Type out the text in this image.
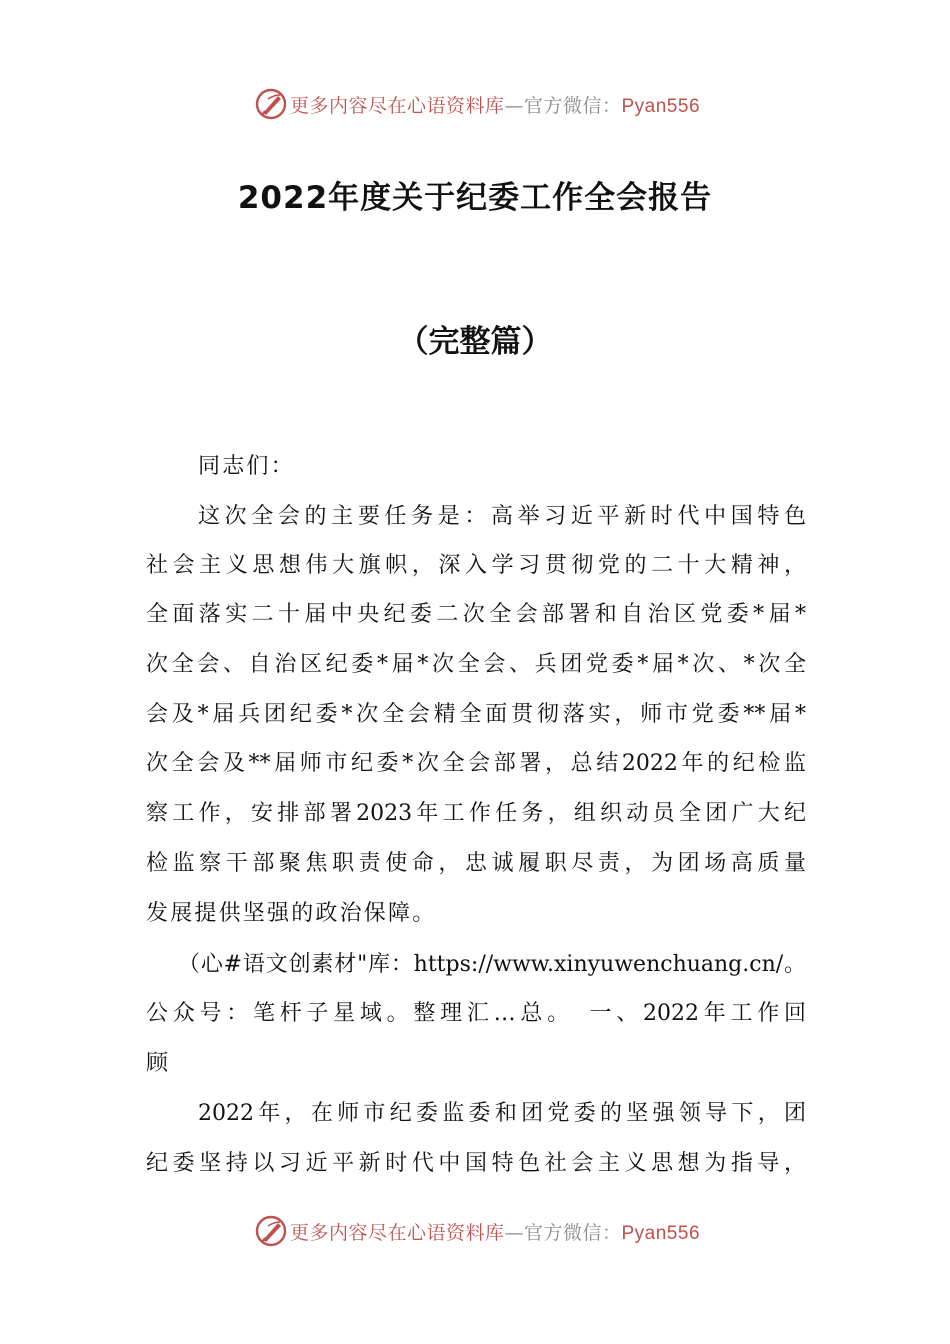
更多内容尽在心语资料库—官方微信：Pyan556
2022年度关于纪委工作全会报告
（完整篇）
同志们：
这次全会的主要任务是：高举习近平新时代中国特色
社会主义思想伟大旗帜，深入学习贯彻党的二十大精神，
全面落实二十届中央纪委二次全会部署和自治区党委*届*
次全会、自治区纪委*届*次全会、兵团党委*届*次、*次全
会及*届兵团纪委*次全会精全面贯彻落实，师市党委**届*
次全会及**届师市纪委*次全会部署，总结2022年的纪检监
察工作，安排部署2023年工作任务，组织动员全团广大纪
检监察干部聚焦职责使命，忠诚履职尽责，为团场高质量
发展提供坚强的政治保障。
（心#语文创素材"库：https://www.xinyuwenchuang.cn/。
公众号：笔杆子星域。整理汇…总。　一、2022年工作回
顾
2022年，在师市纪委监委和团党委的坚强领导下，团
纪委坚持以习近平新时代中国特色社会主义思想为指导，
更多内容尽在心语资料库—官方微信：Pyan556
